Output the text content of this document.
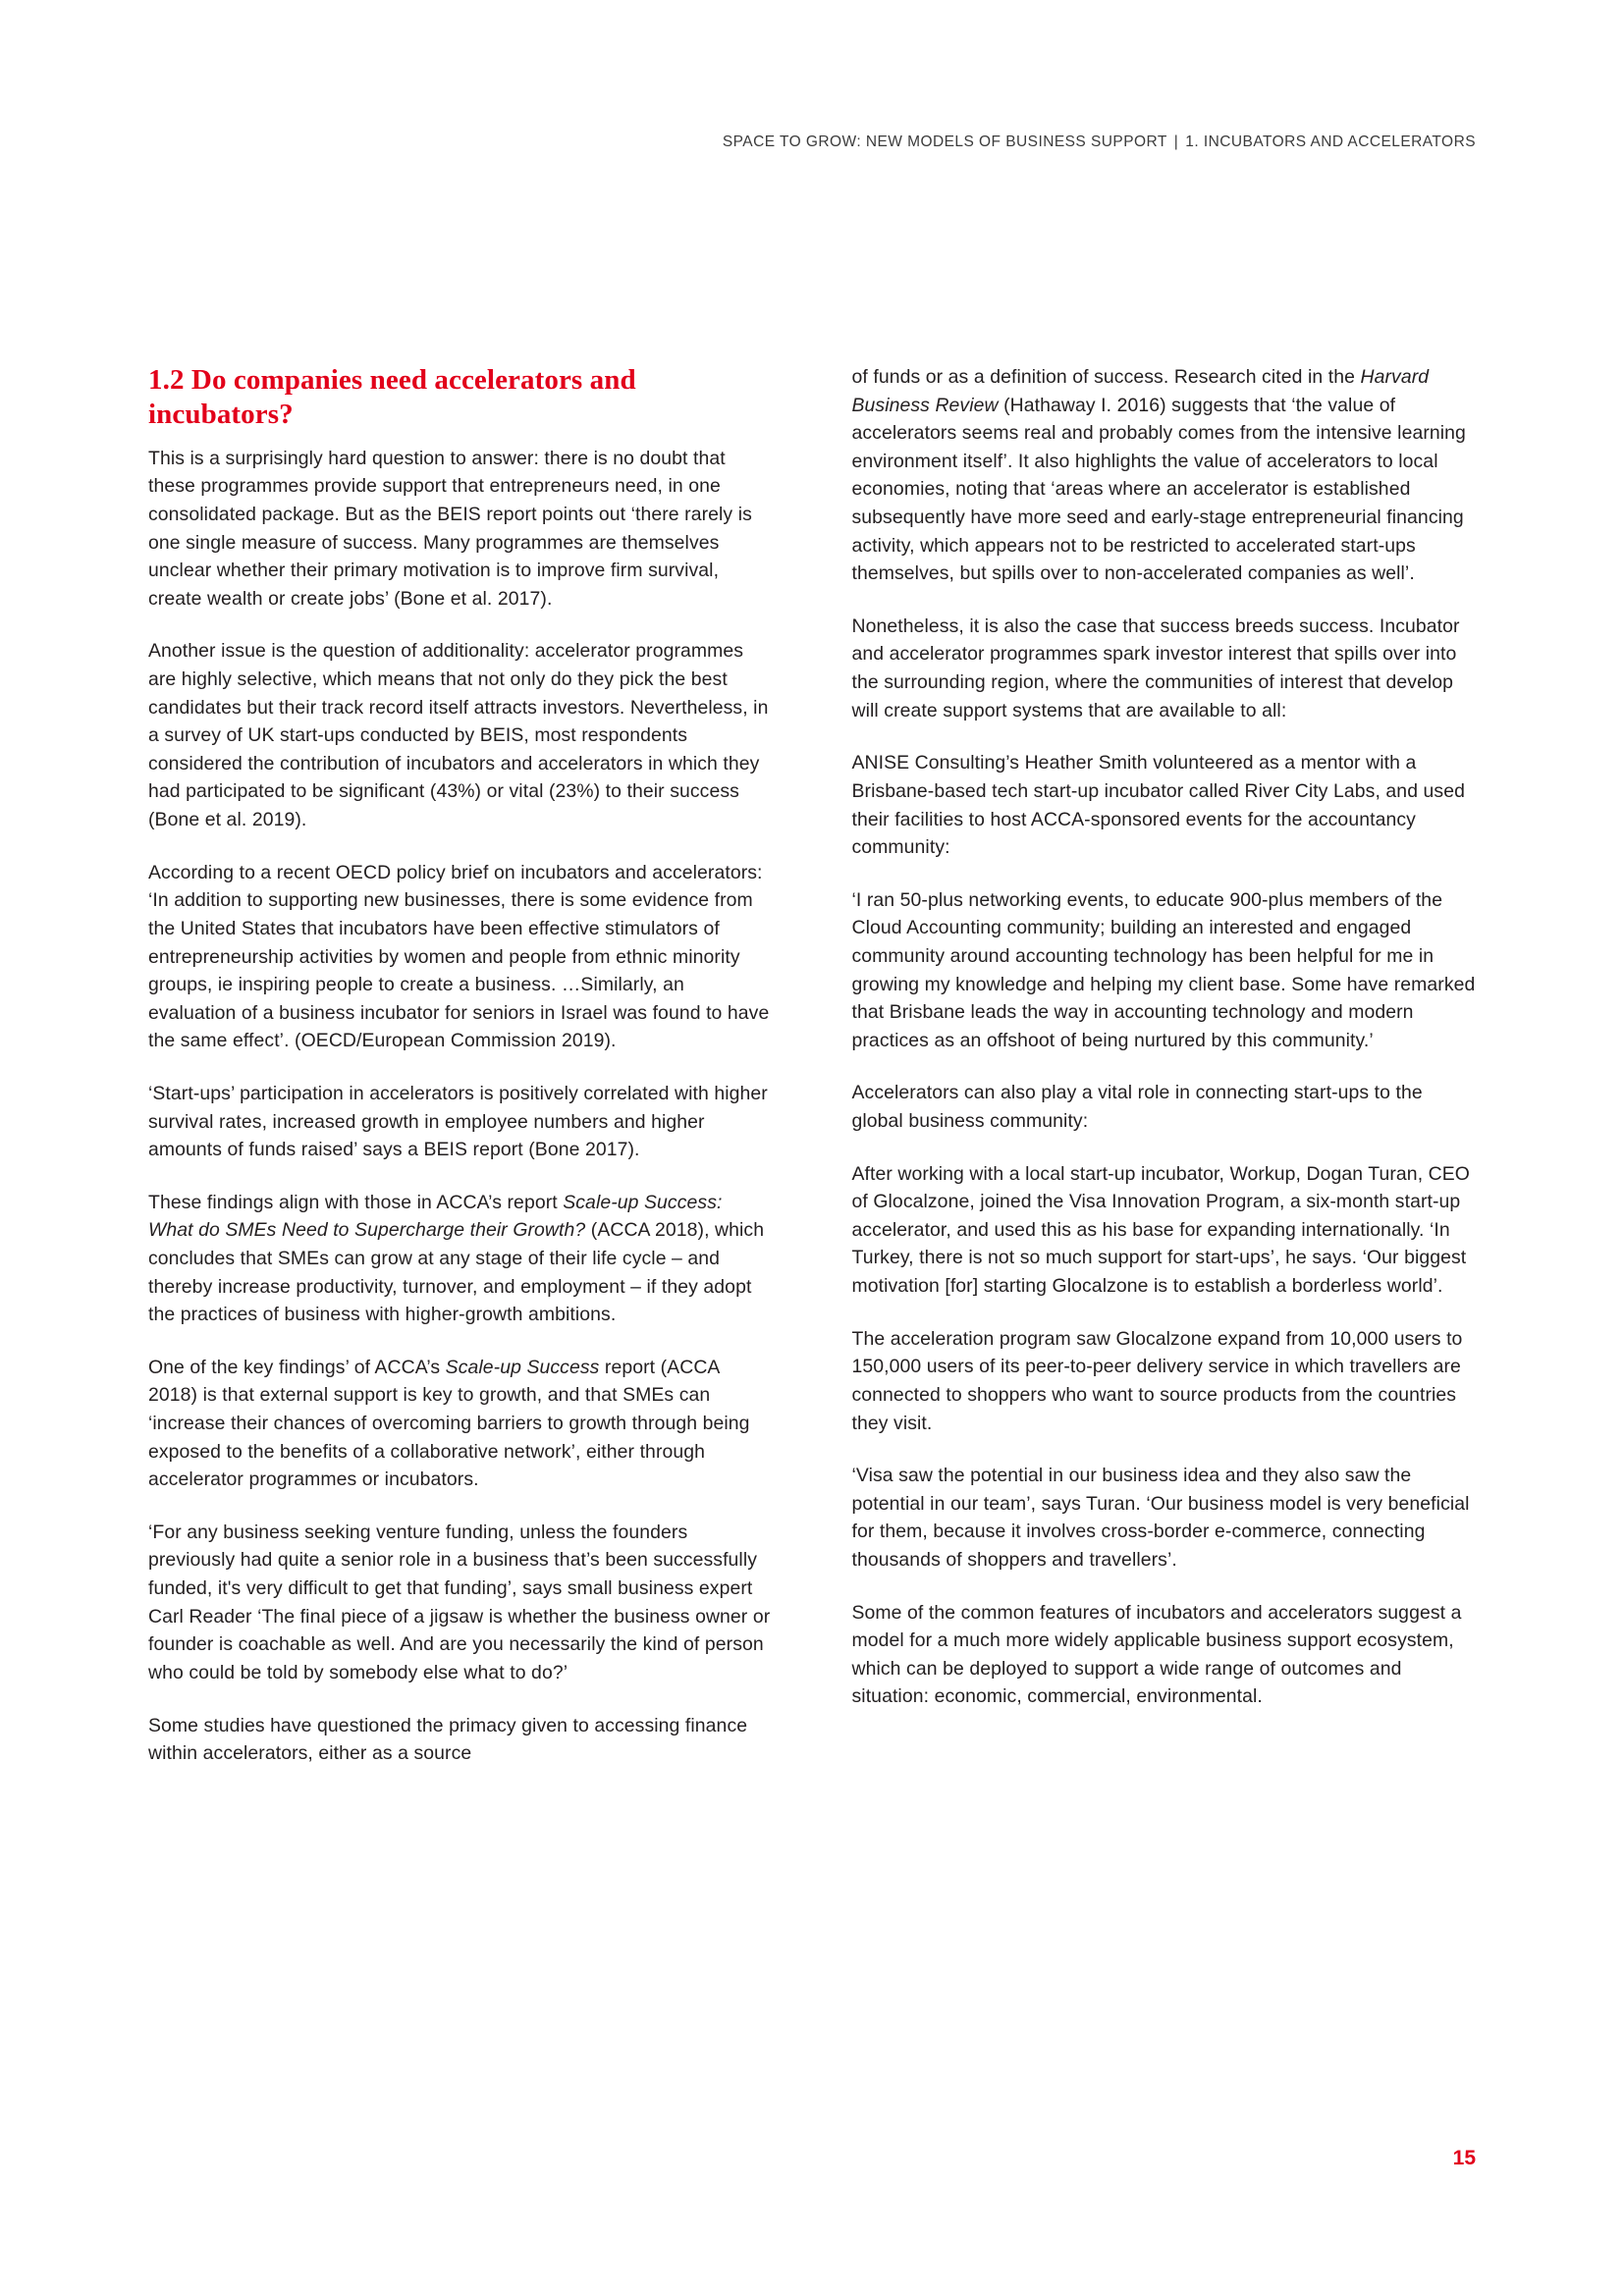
SPACE TO GROW: NEW MODELS OF BUSINESS SUPPORT | 1. INCUBATORS AND ACCELERATORS
1.2 Do companies need accelerators and incubators?

This is a surprisingly hard question to answer: there is no doubt that these programmes provide support that entrepreneurs need, in one consolidated package. But as the BEIS report points out ‘there rarely is one single measure of success. Many programmes are themselves unclear whether their primary motivation is to improve firm survival, create wealth or create jobs’ (Bone et al. 2017).

Another issue is the question of additionality: accelerator programmes are highly selective, which means that not only do they pick the best candidates but their track record itself attracts investors. Nevertheless, in a survey of UK start-ups conducted by BEIS, most respondents considered the contribution of incubators and accelerators in which they had participated to be significant (43%) or vital (23%) to their success (Bone et al. 2019).

According to a recent OECD policy brief on incubators and accelerators: ‘In addition to supporting new businesses, there is some evidence from the United States that incubators have been effective stimulators of entrepreneurship activities by women and people from ethnic minority groups, ie inspiring people to create a business. …Similarly, an evaluation of a business incubator for seniors in Israel was found to have the same effect’. (OECD/European Commission 2019).

‘Start-ups’ participation in accelerators is positively correlated with higher survival rates, increased growth in employee numbers and higher amounts of funds raised’ says a BEIS report (Bone 2017).

These findings align with those in ACCA’s report Scale-up Success: What do SMEs Need to Supercharge their Growth? (ACCA 2018), which concludes that SMEs can grow at any stage of their life cycle – and thereby increase productivity, turnover, and employment – if they adopt the practices of business with higher-growth ambitions.

One of the key findings’ of ACCA’s Scale-up Success report (ACCA 2018) is that external support is key to growth, and that SMEs can ‘increase their chances of overcoming barriers to growth through being exposed to the benefits of a collaborative network’, either through accelerator programmes or incubators.

‘For any business seeking venture funding, unless the founders previously had quite a senior role in a business that’s been successfully funded, it's very difficult to get that funding’, says small business expert Carl Reader ‘The final piece of a jigsaw is whether the business owner or founder is coachable as well. And are you necessarily the kind of person who could be told by somebody else what to do?’

Some studies have questioned the primacy given to accessing finance within accelerators, either as a source

of funds or as a definition of success. Research cited in the Harvard Business Review (Hathaway I. 2016) suggests that ‘the value of accelerators seems real and probably comes from the intensive learning environment itself’. It also highlights the value of accelerators to local economies, noting that ‘areas where an accelerator is established subsequently have more seed and early-stage entrepreneurial financing activity, which appears not to be restricted to accelerated start-ups themselves, but spills over to non-accelerated companies as well’.

Nonetheless, it is also the case that success breeds success. Incubator and accelerator programmes spark investor interest that spills over into the surrounding region, where the communities of interest that develop will create support systems that are available to all:

ANISE Consulting’s Heather Smith volunteered as a mentor with a Brisbane-based tech start-up incubator called River City Labs, and used their facilities to host ACCA-sponsored events for the accountancy community:

‘I ran 50-plus networking events, to educate 900-plus members of the Cloud Accounting community; building an interested and engaged community around accounting technology has been helpful for me in growing my knowledge and helping my client base. Some have remarked that Brisbane leads the way in accounting technology and modern practices as an offshoot of being nurtured by this community.’

Accelerators can also play a vital role in connecting start-ups to the global business community:

After working with a local start-up incubator, Workup, Dogan Turan, CEO of Glocalzone, joined the Visa Innovation Program, a six-month start-up accelerator, and used this as his base for expanding internationally. ‘In Turkey, there is not so much support for start-ups’, he says. ‘Our biggest motivation [for] starting Glocalzone is to establish a borderless world’.

The acceleration program saw Glocalzone expand from 10,000 users to 150,000 users of its peer-to-peer delivery service in which travellers are connected to shoppers who want to source products from the countries they visit.

‘Visa saw the potential in our business idea and they also saw the potential in our team’, says Turan. ‘Our business model is very beneficial for them, because it involves cross-border e-commerce, connecting thousands of shoppers and travellers’.

Some of the common features of incubators and accelerators suggest a model for a much more widely applicable business support ecosystem, which can be deployed to support a wide range of outcomes and situation: economic, commercial, environmental.

15
